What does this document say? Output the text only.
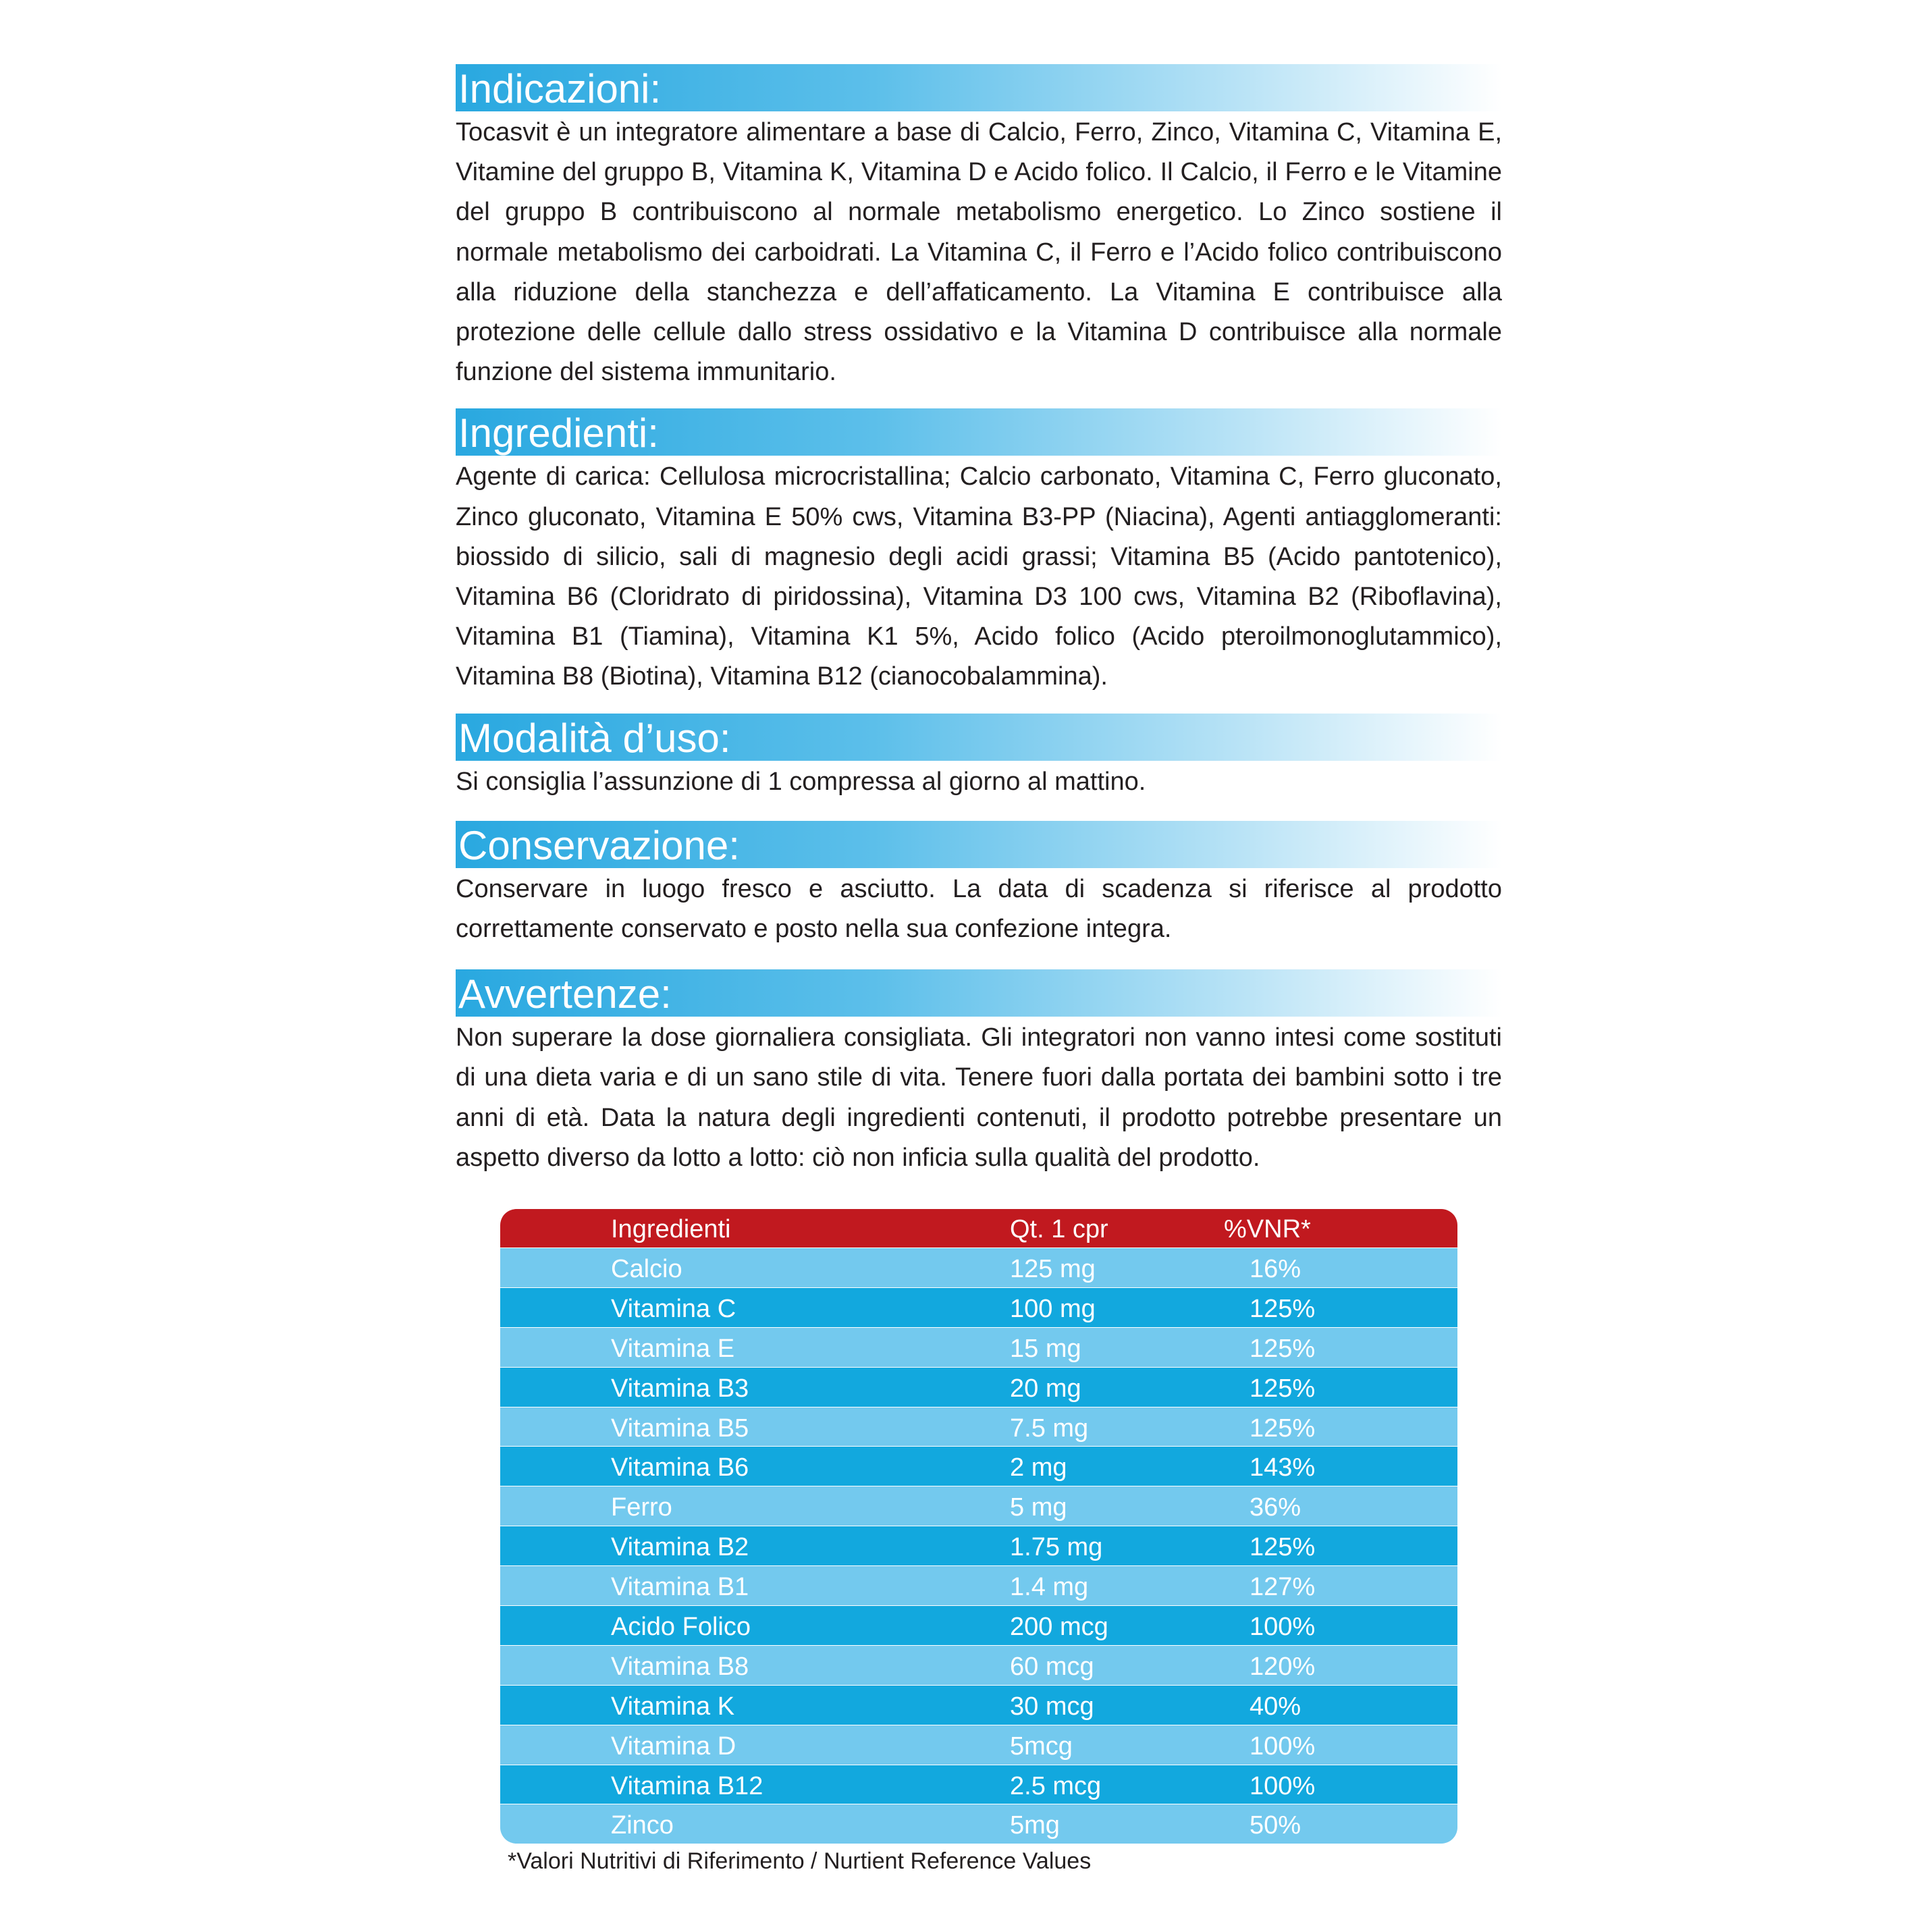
Indicazioni:

Tocasvit è un integratore alimentare a base di Calcio, Ferro, Zinco, Vitamina C, Vitamina E, Vitamine del gruppo B, Vitamina K, Vitamina D e Acido folico. Il Calcio, il Ferro e le Vitamine del gruppo B contribuiscono al normale metabolismo energetico. Lo Zinco sostiene il normale metabolismo dei carboidrati. La Vitamina C, il Ferro e l’Acido folico contribuiscono alla riduzione della stanchezza e dell’affaticamento. La Vitamina E contribuisce alla protezione delle cellule dallo stress ossidativo e la Vitamina D contribuisce alla normale funzione del sistema immunitario.

Ingredienti:

Agente di carica: Cellulosa microcristallina; Calcio carbonato, Vitamina C, Ferro gluconato, Zinco gluconato, Vitamina E 50% cws, Vitamina B3-PP (Niacina), Agenti antiagglomeranti: biossido di silicio, sali di magnesio degli acidi grassi; Vitamina B5 (Acido pantotenico), Vitamina B6 (Cloridrato di piridossina), Vitamina D3 100 cws, Vitamina B2 (Riboflavina), Vitamina B1 (Tiamina), Vitamina K1 5%, Acido folico (Acido pteroilmonoglutammico), Vitamina B8 (Biotina), Vitamina B12 (cianocobalammina).

Modalità d’uso:

Si consiglia l’assunzione di 1 compressa al giorno al mattino.

Conservazione:

Conservare in luogo fresco e asciutto. La data di scadenza si riferisce al prodotto correttamente conservato e posto nella sua confezione integra.

Avvertenze:

Non superare la dose giornaliera consigliata. Gli integratori non vanno intesi come sostituti di una dieta varia e di un sano stile di vita. Tenere fuori dalla portata dei bambini sotto i tre anni di età. Data la natura degli ingredienti contenuti, il prodotto potrebbe presentare un aspetto diverso da lotto a lotto: ciò non inficia sulla qualità del prodotto.

Ingredienti	Qt. 1 cpr	%VNR*
Calcio	125 mg	16%
Vitamina C	100 mg	125%
Vitamina E	15 mg	125%
Vitamina B3	20 mg	125%
Vitamina B5	7.5 mg	125%
Vitamina B6	2 mg	143%
Ferro	5 mg	36%
Vitamina B2	1.75 mg	125%
Vitamina B1	1.4 mg	127%
Acido Folico	200 mcg	100%
Vitamina B8	60 mcg	120%
Vitamina K	30 mcg	40%
Vitamina D	5mcg	100%
Vitamina B12	2.5 mcg	100%
Zinco	5mg	50%
*Valori Nutritivi di Riferimento / Nurtient Reference Values
